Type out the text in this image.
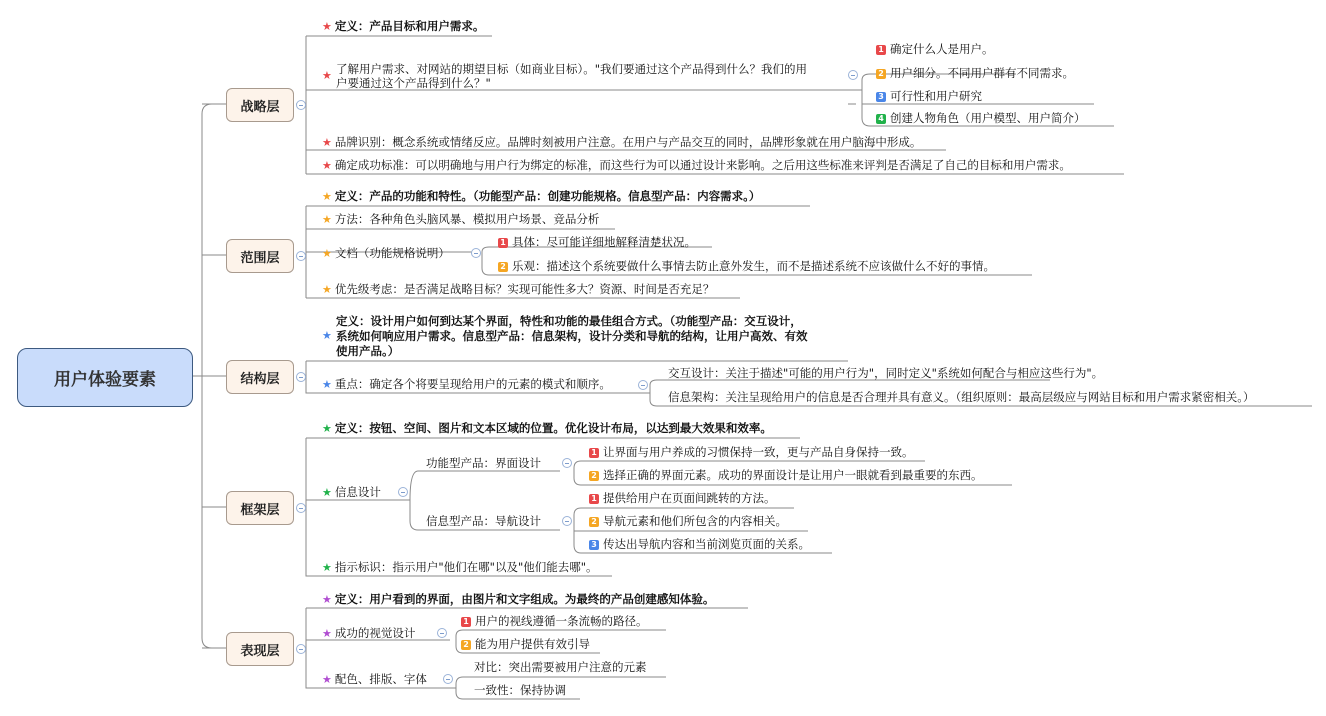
用户体验要素
战略层
范围层
结构层
框架层
表现层
★ 定义：产品目标和用户需求。
了解用户需求、对网站的期望目标（如商业目标）。"我们要通过这个产品得到什么？我们的用
户要通过这个产品得到什么？"
★
1 确定什么人是用户。
2 用户细分。不同用户群有不同需求。
3 可行性和用户研究
4 创建人物角色（用户模型、用户简介）
★ 品牌识别：概念系统或情绪反应。品牌时刻被用户注意。在用户与产品交互的同时，品牌形象就在用户脑海中形成。
★ 确定成功标准：可以明确地与用户行为绑定的标准，而这些行为可以通过设计来影响。之后用这些标准来评判是否满足了自己的目标和用户需求。
★ 定义：产品的功能和特性。（功能型产品：创建功能规格。信息型产品：内容需求。）
★ 方法：各种角色头脑风暴、模拟用户场景、竞品分析
★ 文档（功能规格说明）
1 具体：尽可能详细地解释清楚状况。
2 乐观：描述这个系统要做什么事情去防止意外发生，而不是描述系统不应该做什么不好的事情。
★ 优先级考虑：是否满足战略目标？实现可能性多大？资源、时间是否充足？
定义：设计用户如何到达某个界面，特性和功能的最佳组合方式。（功能型产品：交互设计，
系统如何响应用户需求。信息型产品：信息架构，设计分类和导航的结构，让用户高效、有效
使用产品。）
★
★ 重点：确定各个将要呈现给用户的元素的模式和顺序。
交互设计：关注于描述"可能的用户行为"，同时定义"系统如何配合与相应这些行为"。
信息架构：关注呈现给用户的信息是否合理并具有意义。（组织原则：最高层级应与网站目标和用户需求紧密相关。）
★ 定义：按钮、空间、图片和文本区域的位置。优化设计布局，以达到最大效果和效率。
★ 信息设计
功能型产品：界面设计
信息型产品：导航设计
1 让界面与用户养成的习惯保持一致，更与产品自身保持一致。
2 选择正确的界面元素。成功的界面设计是让用户一眼就看到最重要的东西。
1 提供给用户在页面间跳转的方法。
2 导航元素和他们所包含的内容相关。
3 传达出导航内容和当前浏览页面的关系。
★ 指示标识：指示用户"他们在哪"以及"他们能去哪"。
★ 定义：用户看到的界面，由图片和文字组成。为最终的产品创建感知体验。
★ 成功的视觉设计
1 用户的视线遵循一条流畅的路径。
2 能为用户提供有效引导
★ 配色、排版、字体
对比：突出需要被用户注意的元素
一致性：保持协调
